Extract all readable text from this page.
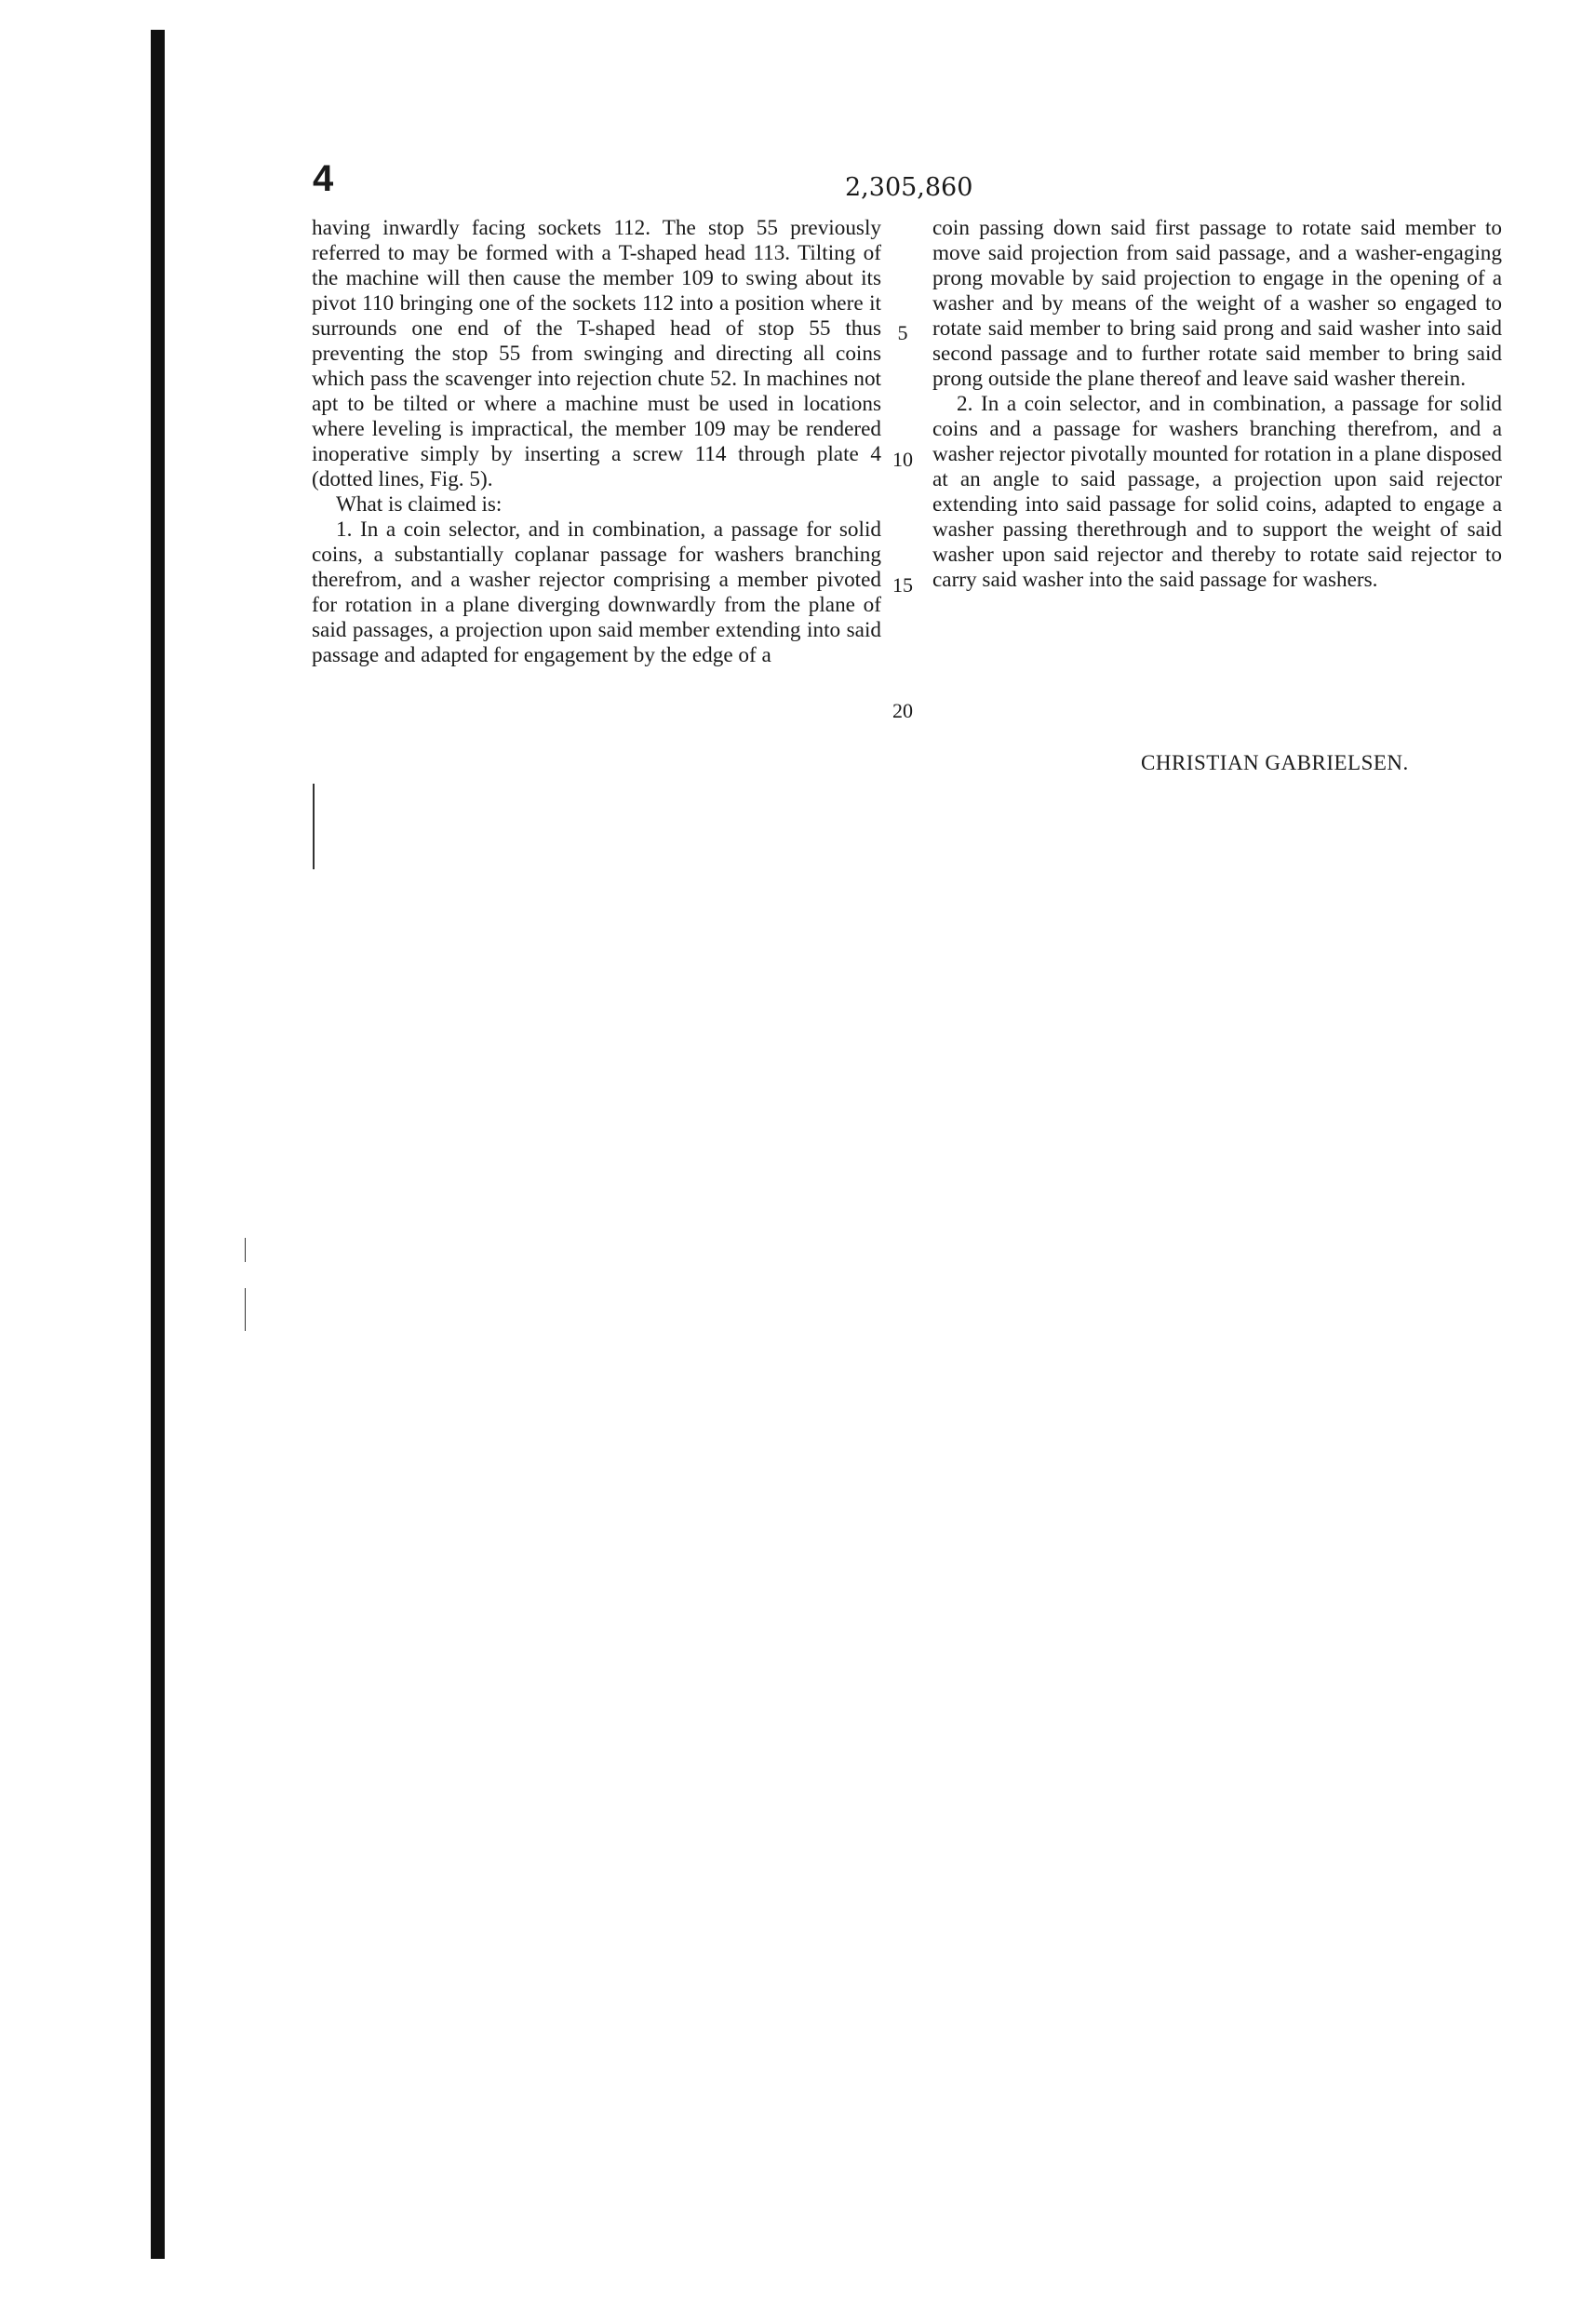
4	2,305,860

having inwardly facing sockets 112. The stop 55 previously referred to may be formed with a T-shaped head 113. Tilting of the machine will then cause the member 109 to swing about its pivot 110 bringing one of the sockets 112 into a position where it surrounds one end of the T-shaped head of stop 55 thus preventing the stop 55 from swinging and directing all coins which pass the scavenger into rejection chute 52. In machines not apt to be tilted or where a machine must be used in locations where leveling is impractical, the member 109 may be rendered inoperative simply by inserting a screw 114 through plate 4 (dotted lines, Fig. 5).

What is claimed is:

1. In a coin selector, and in combination, a passage for solid coins, a substantially coplanar passage for washers branching therefrom, and a washer rejector comprising a member pivoted for rotation in a plane diverging downwardly from the plane of said passages, a projection upon said member extending into said passage and adapted for engagement by the edge of a

5
10
15
20

coin passing down said first passage to rotate said member to move said projection from said passage, and a washer-engaging prong movable by said projection to engage in the opening of a washer and by means of the weight of a washer so engaged to rotate said member to bring said prong and said washer into said second passage and to further rotate said member to bring said prong outside the plane thereof and leave said washer therein.

2. In a coin selector, and in combination, a passage for solid coins and a passage for washers branching therefrom, and a washer rejector pivotally mounted for rotation in a plane disposed at an angle to said passage, a projection upon said rejector extending into said passage for solid coins, adapted to engage a washer passing therethrough and to support the weight of said washer upon said rejector and thereby to rotate said rejector to carry said washer into the said passage for washers.

CHRISTIAN GABRIELSEN.
